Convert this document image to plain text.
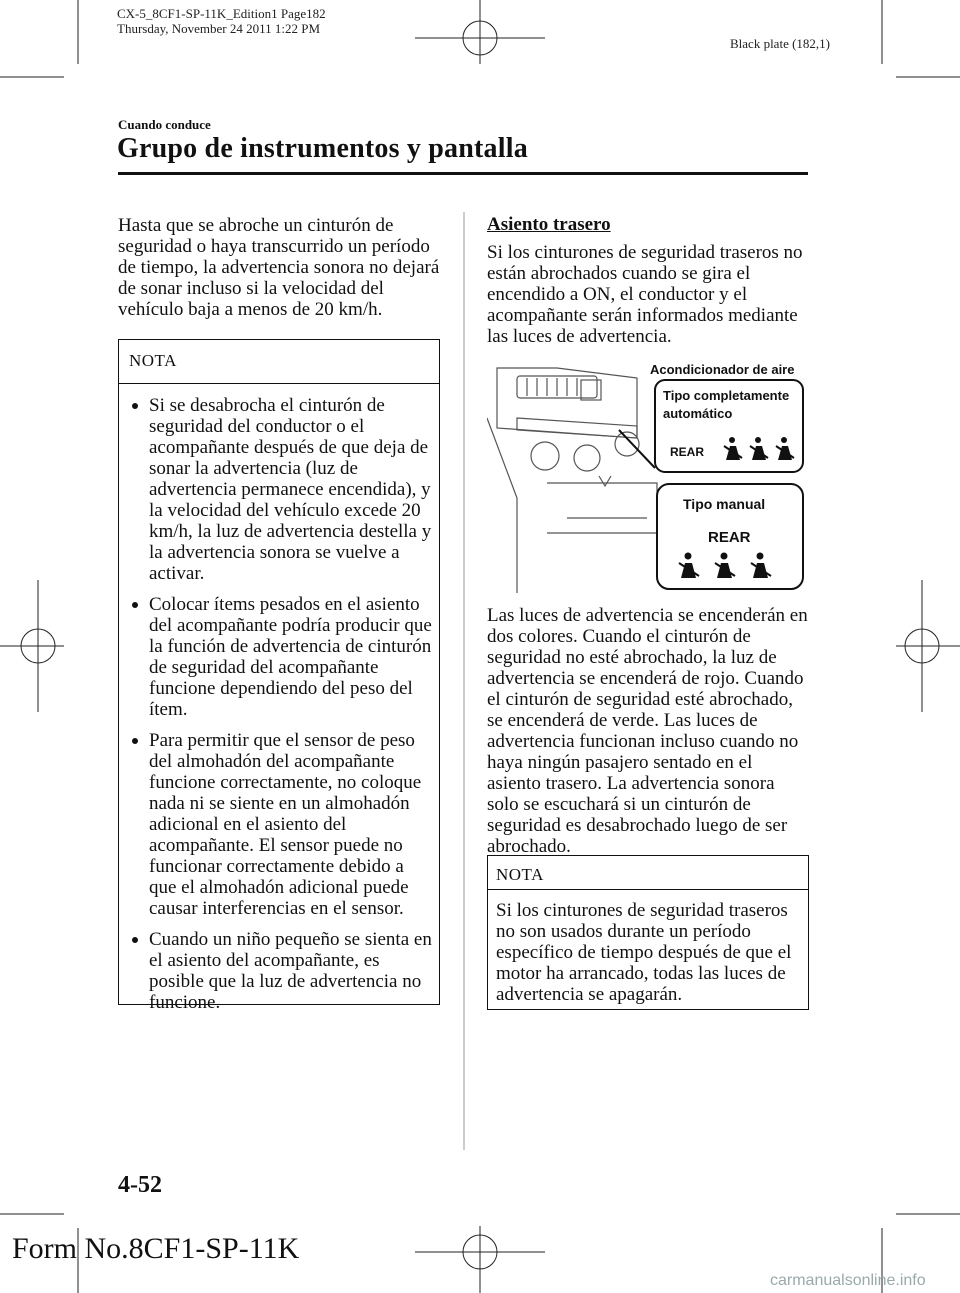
CX-5_8CF1-SP-11K_Edition1 Page182
Thursday, November 24 2011 1:22 PM
Black plate (182,1)
Cuando conduce
Grupo de instrumentos y pantalla
Hasta que se abroche un cinturón de seguridad o haya transcurrido un período de tiempo, la advertencia sonora no dejará de sonar incluso si la velocidad del vehículo baja a menos de 20 km/h.
NOTA
Si se desabrocha el cinturón de seguridad del conductor o el acompañante después de que deja de sonar la advertencia (luz de advertencia permanece encendida), y la velocidad del vehículo excede 20 km/h, la luz de advertencia destella y la advertencia sonora se vuelve a activar.
Colocar ítems pesados en el asiento del acompañante podría producir que la función de advertencia de cinturón de seguridad del acompañante funcione dependiendo del peso del ítem.
Para permitir que el sensor de peso del almohadón del acompañante funcione correctamente, no coloque nada ni se siente en un almohadón adicional en el asiento del acompañante. El sensor puede no funcionar correctamente debido a que el almohadón adicional puede causar interferencias en el sensor.
Cuando un niño pequeño se sienta en el asiento del acompañante, es posible que la luz de advertencia no funcione.
Asiento trasero
Si los cinturones de seguridad traseros no están abrochados cuando se gira el encendido a ON, el conductor y el acompañante serán informados mediante las luces de advertencia.
Acondicionador de aire
Tipo completamente
automático
REAR
Tipo manual
REAR
Las luces de advertencia se encenderán en dos colores. Cuando el cinturón de seguridad no esté abrochado, la luz de advertencia se encenderá de rojo. Cuando el cinturón de seguridad esté abrochado, se encenderá de verde. Las luces de advertencia funcionan incluso cuando no haya ningún pasajero sentado en el asiento trasero. La advertencia sonora solo se escuchará si un cinturón de seguridad es desabrochado luego de ser abrochado.
NOTA
Si los cinturones de seguridad traseros no son usados durante un período específico de tiempo después de que el motor ha arrancado, todas las luces de advertencia se apagarán.
4-52
Form No.8CF1-SP-11K
carmanualsonline.info
